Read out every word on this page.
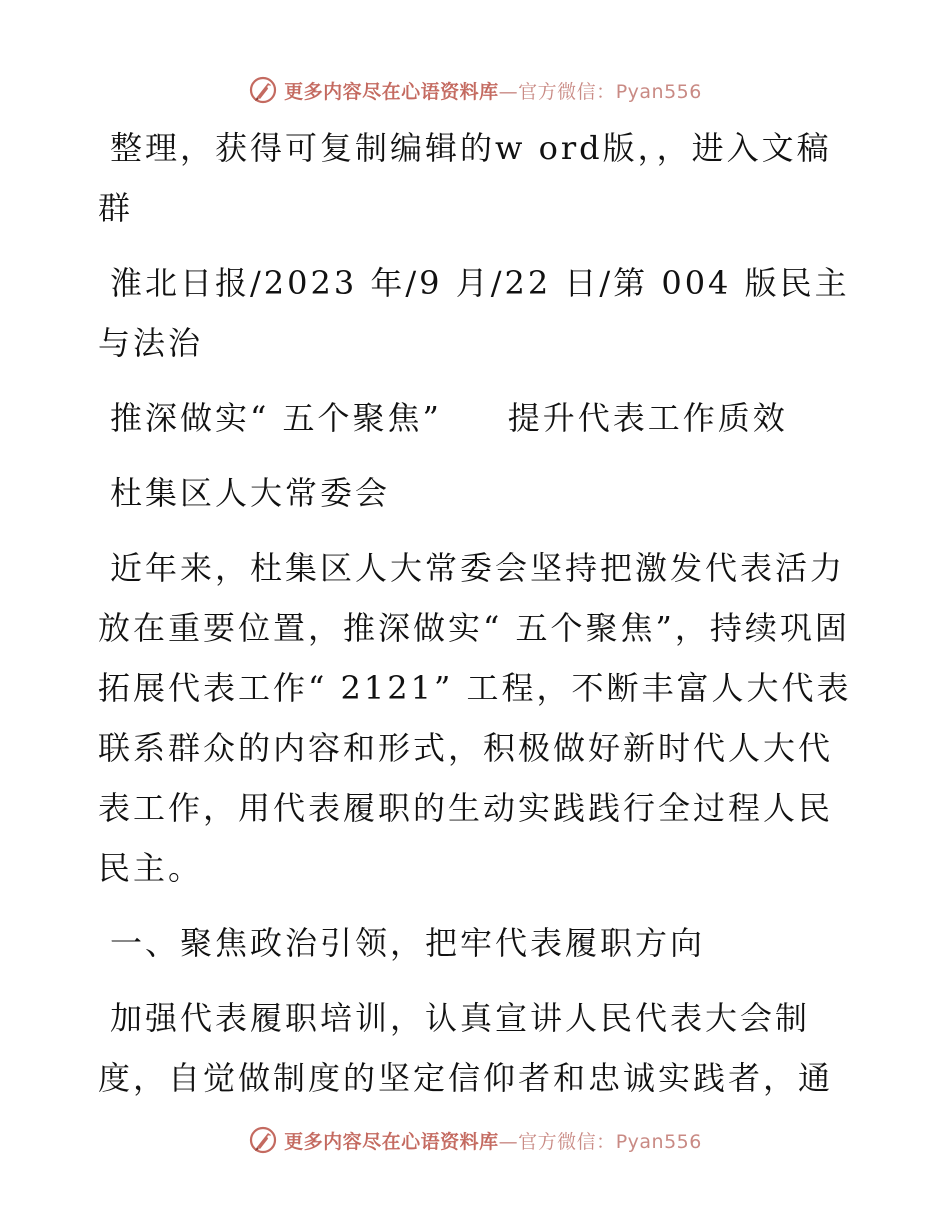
更多内容尽在心语资料库—官方微信：Pyan556

整理，获得可复制编辑的w ord版，，进入文稿群

淮北日报/2023 年/9 月/22 日/第 004 版民主与法治

推深做实“ 五个聚焦”     提升代表工作质效

杜集区人大常委会

近年来，杜集区人大常委会坚持把激发代表活力放在重要位置，推深做实“ 五个聚焦”，持续巩固拓展代表工作“ 2121” 工程，不断丰富人大代表联系群众的内容和形式，积极做好新时代人大代表工作，用代表履职的生动实践践行全过程人民民主。

一、聚焦政治引领，把牢代表履职方向

加强代表履职培训，认真宣讲人民代表大会制度，自觉做制度的坚定信仰者和忠诚实践者，通

更多内容尽在心语资料库—官方微信：Pyan556
